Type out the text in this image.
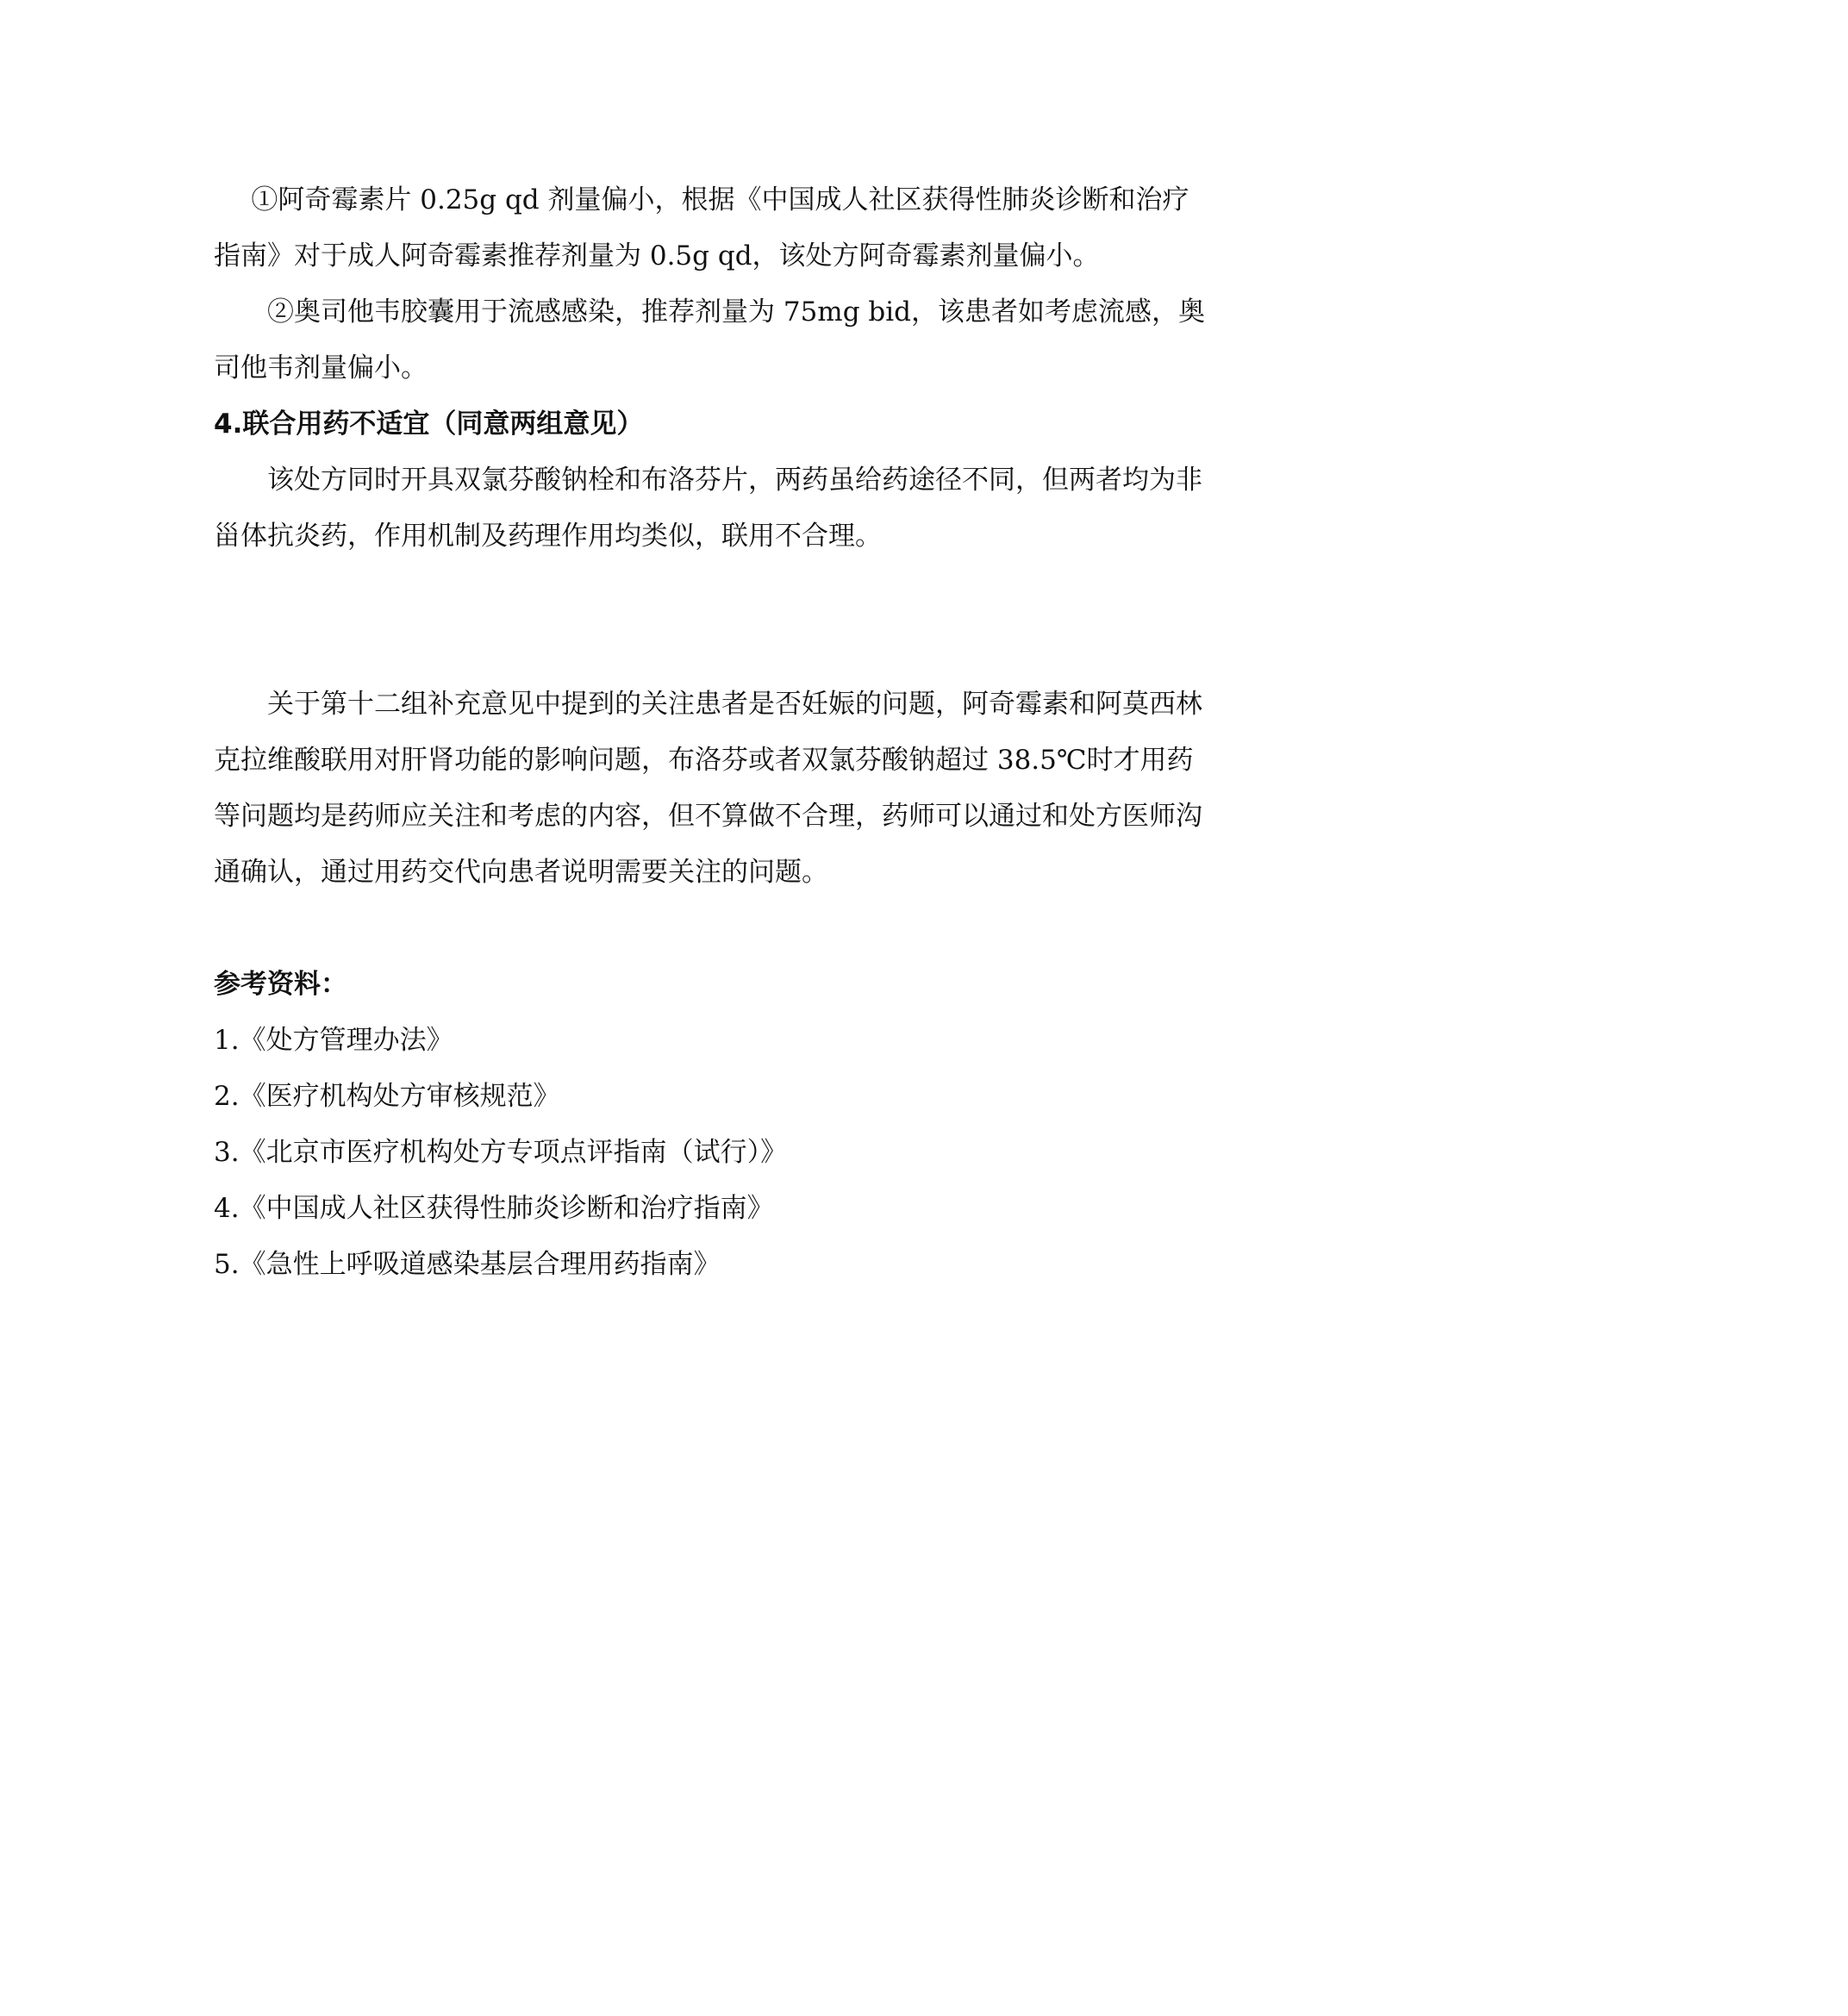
①阿奇霉素片 0.25g qd 剂量偏小，根据《中国成人社区获得性肺炎诊断和治疗指南》对于成人阿奇霉素推荐剂量为 0.5g qd，该处方阿奇霉素剂量偏小。

②奥司他韦胶囊用于流感感染，推荐剂量为 75mg bid，该患者如考虑流感，奥司他韦剂量偏小。

4.联合用药不适宜（同意两组意见）

该处方同时开具双氯芬酸钠栓和布洛芬片，两药虽给药途径不同，但两者均为非甾体抗炎药，作用机制及药理作用均类似，联用不合理。

关于第十二组补充意见中提到的关注患者是否妊娠的问题，阿奇霉素和阿莫西林克拉维酸联用对肝肾功能的影响问题，布洛芬或者双氯芬酸钠超过 38.5℃时才用药等问题均是药师应关注和考虑的内容，但不算做不合理，药师可以通过和处方医师沟通确认，通过用药交代向患者说明需要关注的问题。

参考资料：

1.《处方管理办法》
2.《医疗机构处方审核规范》
3.《北京市医疗机构处方专项点评指南（试行）》
4.《中国成人社区获得性肺炎诊断和治疗指南》
5.《急性上呼吸道感染基层合理用药指南》
